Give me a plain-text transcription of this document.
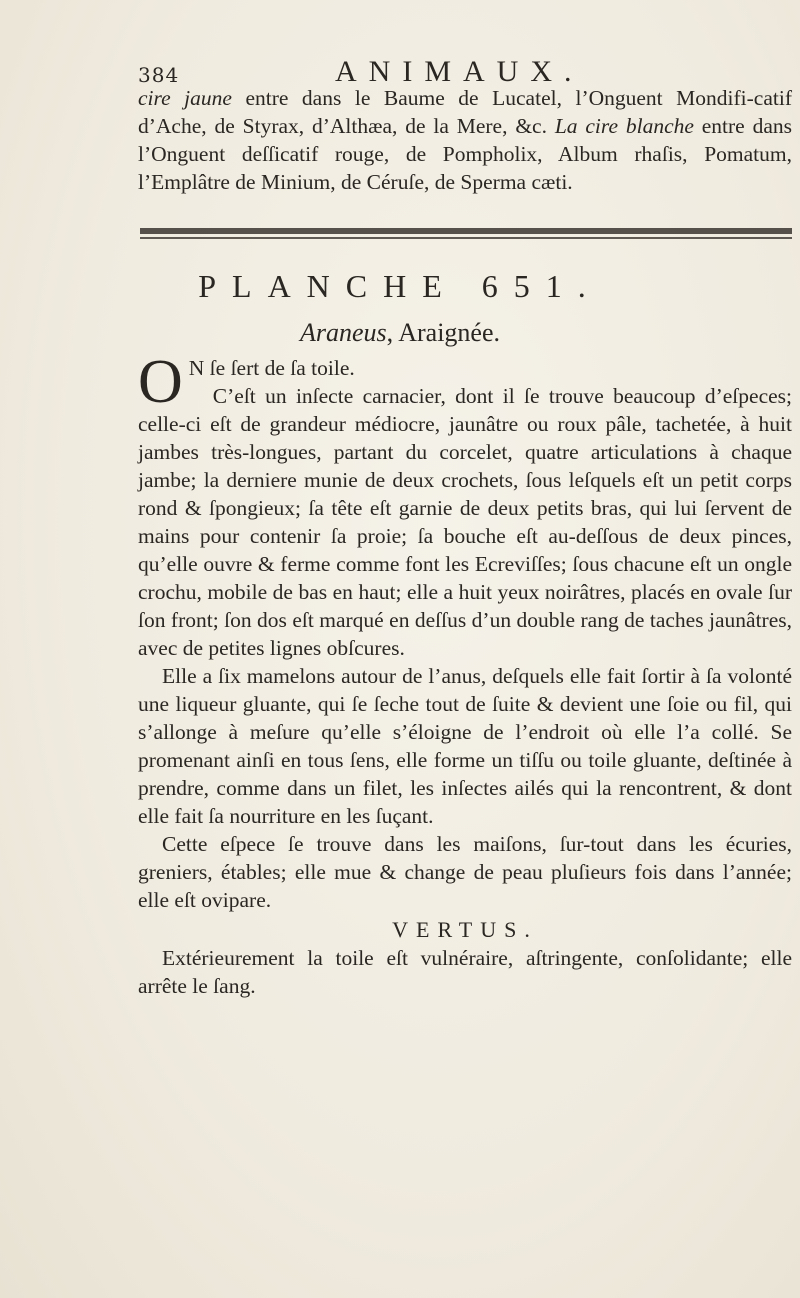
384	ANIMAUX.

cire jaune entre dans le Baume de Lucatel, l’Onguent Mondifi-catif d’Ache, de Styrax, d’Althæa, de la Mere, &c. La cire blanche entre dans l’Onguent deſſicatif rouge, de Pompholix, Album rhaſis, Pomatum, l’Emplâtre de Minium, de Céruſe, de Sperma cæti.

PLANCHE 651.
Araneus, Araignée.
O N ſe ſert de ſa toile.

C’eſt un inſecte carnacier, dont il ſe trouve beaucoup d’eſpeces; celle-ci eſt de grandeur médiocre, jaunâtre ou roux pâle, tachetée, à huit jambes très-longues, partant du corcelet, quatre articulations à chaque jambe; la derniere munie de deux crochets, ſous leſquels eſt un petit corps rond & ſpongieux; ſa tête eſt garnie de deux petits bras, qui lui ſervent de mains pour contenir ſa proie; ſa bouche eſt au-deſſous de deux pinces, qu’elle ouvre & ferme comme font les Ecreviſſes; ſous chacune eſt un ongle crochu, mobile de bas en haut; elle a huit yeux noirâtres, placés en ovale ſur ſon front; ſon dos eſt marqué en deſſus d’un double rang de taches jaunâtres, avec de petites lignes obſcures.

Elle a ſix mamelons autour de l’anus, deſquels elle fait ſortir à ſa volonté une liqueur gluante, qui ſe ſeche tout de ſuite & devient une ſoie ou fil, qui s’allonge à meſure qu’elle s’éloigne de l’endroit où elle l’a collé. Se promenant ainſi en tous ſens, elle forme un tiſſu ou toile gluante, deſtinée à prendre, comme dans un filet, les inſectes ailés qui la rencontrent, & dont elle fait ſa nourriture en les ſuçant.

Cette eſpece ſe trouve dans les maiſons, ſur-tout dans les écuries, greniers, étables; elle mue & change de peau pluſieurs fois dans l’année; elle eſt ovipare.

VERTUS.

Extérieurement la toile eſt vulnéraire, aſtringente, conſolidante; elle arrête le ſang.
